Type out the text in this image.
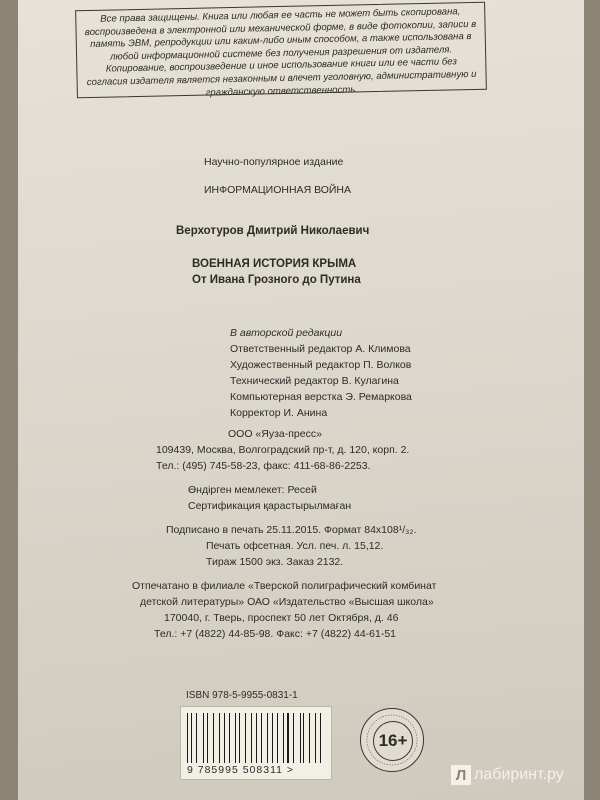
Все права защищены. Книга или любая ее часть не может быть скопирована, воспроизведена в электронной или механической форме, в виде фотокопии, записи в память ЭВМ, репродукции или каким-либо иным способом, а также использована в любой информационной системе без получения разрешения от издателя. Копирование, воспроизведение и иное использование книги или ее части без согласия издателя является незаконным и влечет уголовную, административную и гражданскую ответственность.
Научно-популярное издание
ИНФОРМАЦИОННАЯ ВОЙНА
Верхотуров Дмитрий Николаевич
ВОЕННАЯ ИСТОРИЯ КРЫМА
От Ивана Грозного до Путина
В авторской редакции
Ответственный редактор А. Климова
Художественный редактор П. Волков
Технический редактор В. Кулагина
Компьютерная верстка Э. Ремаркова
Корректор И. Анина
ООО «Яуза-пресс»
109439, Москва, Волгоградский пр-т, д. 120, корп. 2.
Тел.: (495) 745-58-23, факс: 411-68-86-2253.
Өндірген мемлекет: Ресей
Сертификация қарастырылмаған
Подписано в печать 25.11.2015. Формат 84x108¹/₃₂.
Печать офсетная. Усл. печ. л. 15,12.
Тираж 1500 экз. Заказ 2132.
Отпечатано в филиале «Тверской полиграфический комбинат
детской литературы» ОАО «Издательство «Высшая школа»
170040, г. Тверь, проспект 50 лет Октября, д. 46
Тел.: +7 (4822) 44-85-98. Факс: +7 (4822) 44-61-51
ISBN 978-5-9955-0831-1
9 785995 508311 >
16+
Л лабиринт.ру
